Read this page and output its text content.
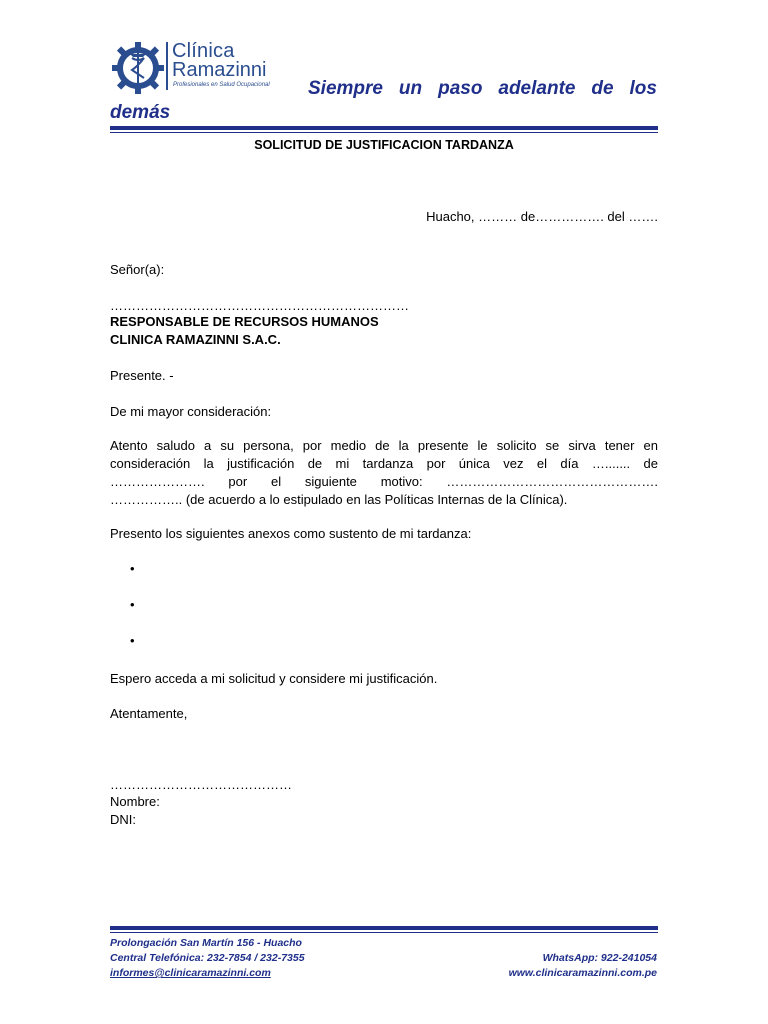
Clínica
Ramazinni
Profesionales en Salud Ocupacional Siempre un paso adelante de los
demás
SOLICITUD DE JUSTIFICACION TARDANZA
Huacho, ……… de……………. del …….
Señor(a):
……………………………………………………………
RESPONSABLE DE RECURSOS HUMANOS
CLINICA RAMAZINNI S.A.C.
Presente. -
De mi mayor consideración:
Atento saludo a su persona, por medio de la presente le solicito se sirva tener en
consideración la justificación de mi tardanza por única vez el día …....... de
…………………. por el siguiente motivo: ………………………………………….
…………….. (de acuerdo a lo estipulado en las Políticas Internas de la Clínica).
Presento los siguientes anexos como sustento de mi tardanza:
•
•
•
Espero acceda a mi solicitud y considere mi justificación.
Atentamente,
……………………………………
Nombre:
DNI:
Prolongación San Martín 156 - Huacho
Central Telefónica: 232-7854 / 232-7355
informes@clinicaramazinni.com
WhatsApp: 922-241054
www.clinicaramazinni.com.pe
